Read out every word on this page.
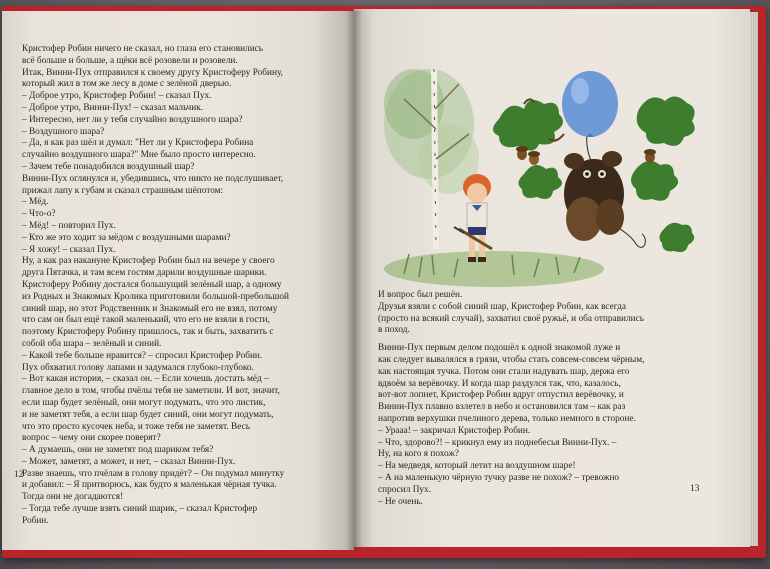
Кристофер Робин ничего не сказал, но глаза его становились

всё больше и больше, а щёки всё розовели и розовели.

Итак, Винни-Пух отправился к своему другу Кристоферу Робину,

который жил в том же лесу в доме с зелёной дверью.

– Доброе утро, Кристофер Робин! – сказал Пух.

– Доброе утро, Винни-Пух! – сказал мальчик.

– Интересно, нет ли у тебя случайно воздушного шара?

– Воздушного шара?

– Да, я как раз шёл и думал: "Нет ли у Кристофера Робина

случайно воздушного шара?" Мне было просто интересно.

– Зачем тебе понадобился воздушный шар?

Винни-Пух оглянулся и, убедившись, что никто не подслушивает,

прижал лапу к губам и сказал страшным шёпотом:

– Мёд.

– Что-о?

– Мёд! – повторил Пух.

– Кто же это ходит за мёдом с воздушными шарами?

– Я хожу! – сказал Пух.

Ну, а как раз накануне Кристофер Робин был на вечере у своего

друга Пятачка, и там всем гостям дарили воздушные шарики.

Кристоферу Робину достался большущий зелёный шар, а одному

из Родных и Знакомых Кролика приготовили большой-пребольшой

синий шар, но этот Родственник и Знакомый его не взял, потому

что сам он был ещё такой маленький, что его не взяли в гости,

поэтому Кристоферу Робину пришлось, так и быть, захватить с

собой оба шара – зелёный и синий.

– Какой тебе больше нравится? – спросил Кристофер Робин.

Пух обхватил голову лапами и задумался глубоко-глубоко.

– Вот какая история, – сказал он. – Если хочешь достать мёд –

главное дело в том, чтобы пчёлы тебя не заметили. И вот, значит,

если шар будет зелёный, они могут подумать, что это листик,

и не заметят тебя, а если шар будет синий, они могут подумать,

что это просто кусочек неба, и тоже тебя не заметят. Весь

вопрос – чему они скорее поверят?

– А думаешь, они не заметят под шариком тебя?

– Может, заметят, а может, и нет, – сказал Винни-Пух.

Разве знаешь, что пчёлам в голову придёт? – Он подумал минутку

и добавил: – Я притворюсь, как будто я маленькая чёрная тучка.

Тогда они не догадаются!

– Тогда тебе лучше взять синий шарик, – сказал Кристофер

Робин.

12

И вопрос был решён.

Друзья взяли с собой синий шар, Кристофер Робин, как всегда

(просто на всякий случай), захватил своё ружьё, и оба отправились

в поход.

Винни-Пух первым делом подошёл к одной знакомой луже и

как следует вывалялся в грязи, чтобы стать совсем-совсем чёрным,

как настоящая тучка. Потом они стали надувать шар, держа его

вдвоём за верёвочку. И когда шар раздулся так, что, казалось,

вот-вот лопнет, Кристофер Робин вдруг отпустил верёвочку, и

Винни-Пух плавно взлетел в небо и остановился там – как раз

напротив верхушки пчелиного дерева, только немного в стороне.

– Урааа! – закричал Кристофер Робин.

– Что, здорово?! – крикнул ему из поднебесья Винни-Пух. –

Ну, на кого я похож?

– На медведя, который летит на воздушном шаре!

– А на маленькую чёрную тучку разве не похож? – тревожно

спросил Пух.

– Не очень.

13
